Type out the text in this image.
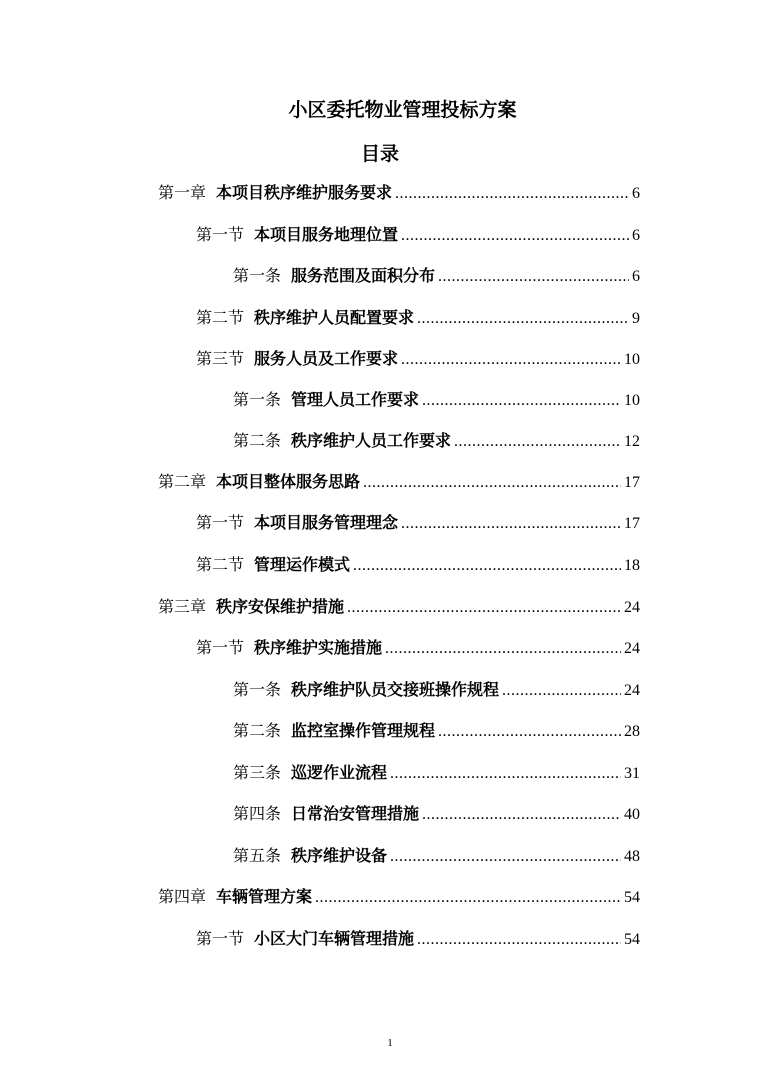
小区委托物业管理投标方案
目录
第一章 本项目秩序维护服务要求 .....	6
第一节 本项目服务地理位置 .....	6
第一条 服务范围及面积分布 .....	6
第二节 秩序维护人员配置要求 .....	9
第三节 服务人员及工作要求 .....	10
第一条 管理人员工作要求 .....	10
第二条 秩序维护人员工作要求 .....	12
第二章 本项目整体服务思路 .....	17
第一节 本项目服务管理理念 .....	17
第二节 管理运作模式 .....	18
第三章 秩序安保维护措施 .....	24
第一节 秩序维护实施措施 .....	24
第一条 秩序维护队员交接班操作规程 .....	24
第二条 监控室操作管理规程 .....	28
第三条 巡逻作业流程 .....	31
第四条 日常治安管理措施 .....	40
第五条 秩序维护设备 .....	48
第四章 车辆管理方案 .....	54
第一节 小区大门车辆管理措施 .....	54
1
